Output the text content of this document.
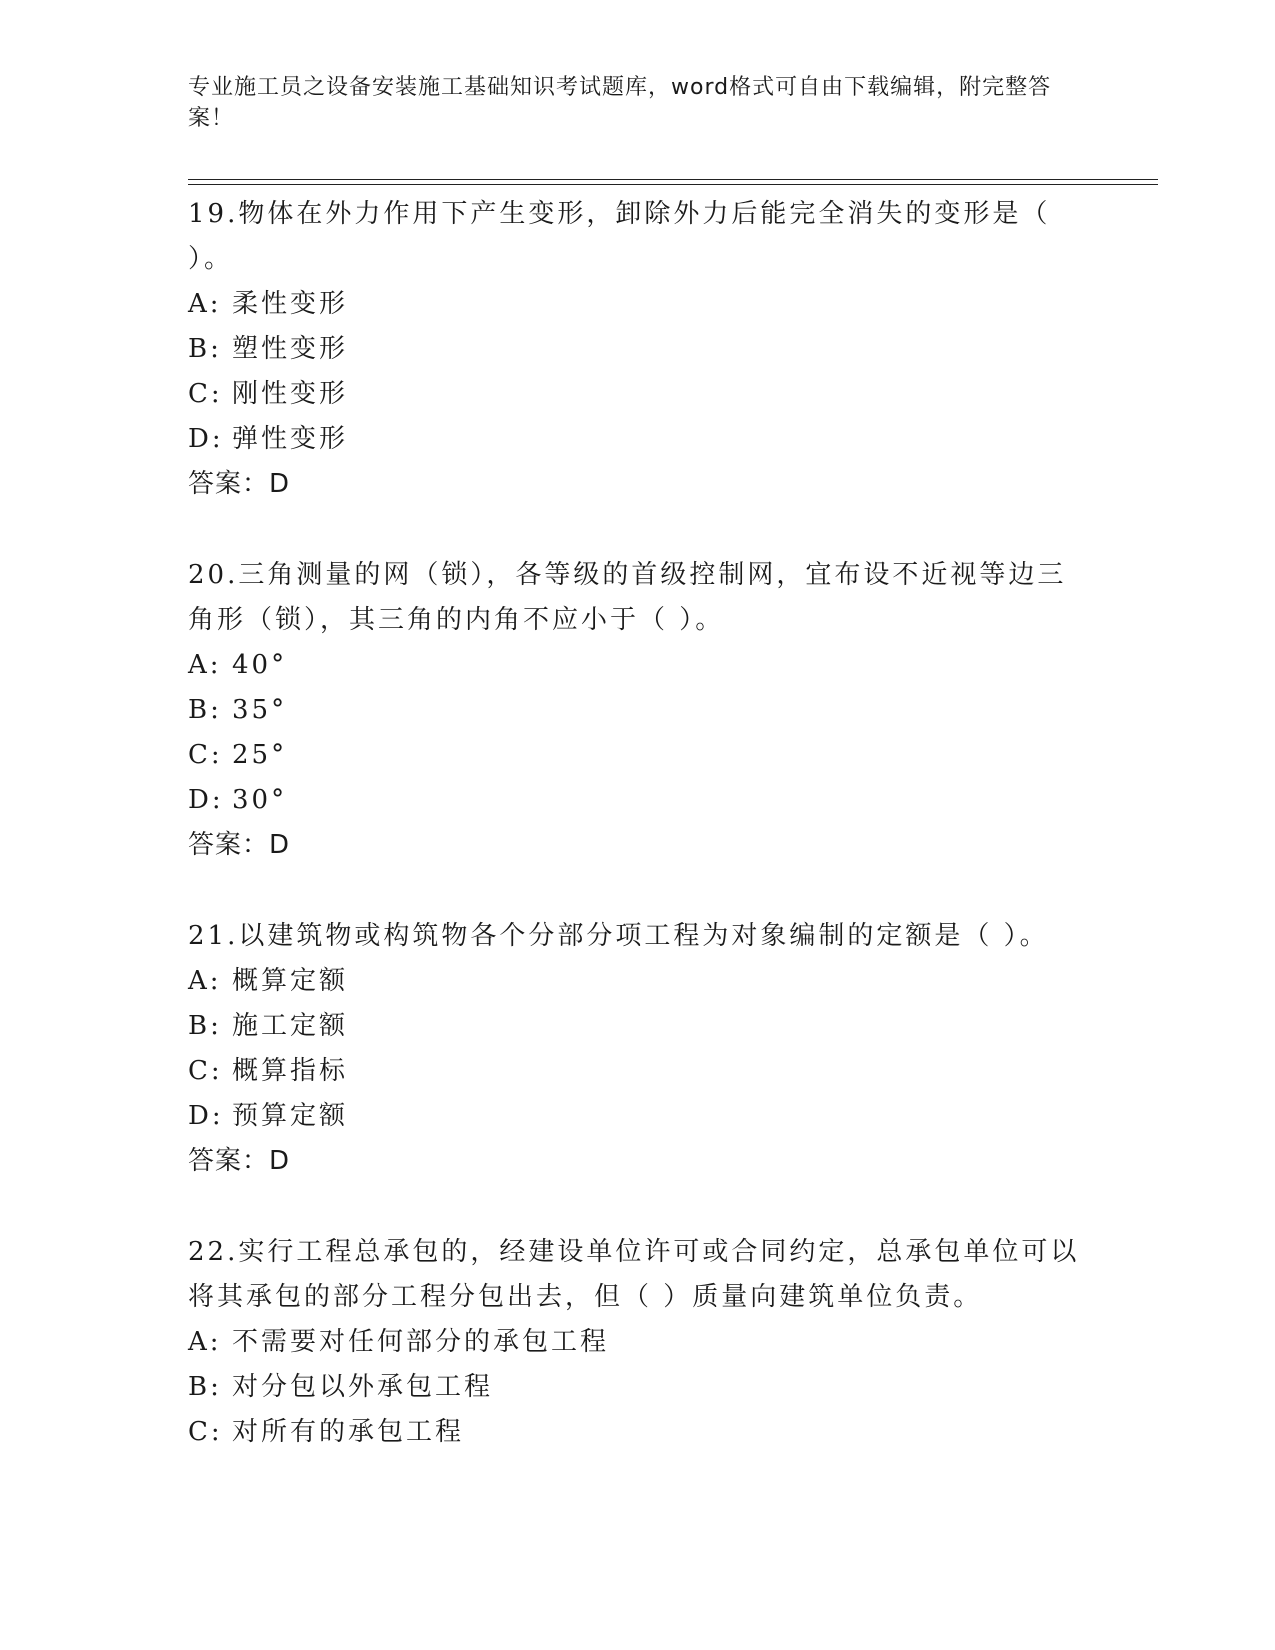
专业施工员之设备安装施工基础知识考试题库，word格式可自由下载编辑，附完整答案！
19.物体在外力作用下产生变形，卸除外力后能完全消失的变形是（ ）。
A: 柔性变形
B: 塑性变形
C: 刚性变形
D: 弹性变形
答案：D
20.三角测量的网（锁），各等级的首级控制网，宜布设不近视等边三角形（锁），其三角的内角不应小于（ ）。
A: 40°
B: 35°
C: 25°
D: 30°
答案：D
21.以建筑物或构筑物各个分部分项工程为对象编制的定额是（ ）。
A: 概算定额
B: 施工定额
C: 概算指标
D: 预算定额
答案：D
22.实行工程总承包的，经建设单位许可或合同约定，总承包单位可以将其承包的部分工程分包出去，但（ ）质量向建筑单位负责。
A: 不需要对任何部分的承包工程
B: 对分包以外承包工程
C: 对所有的承包工程
